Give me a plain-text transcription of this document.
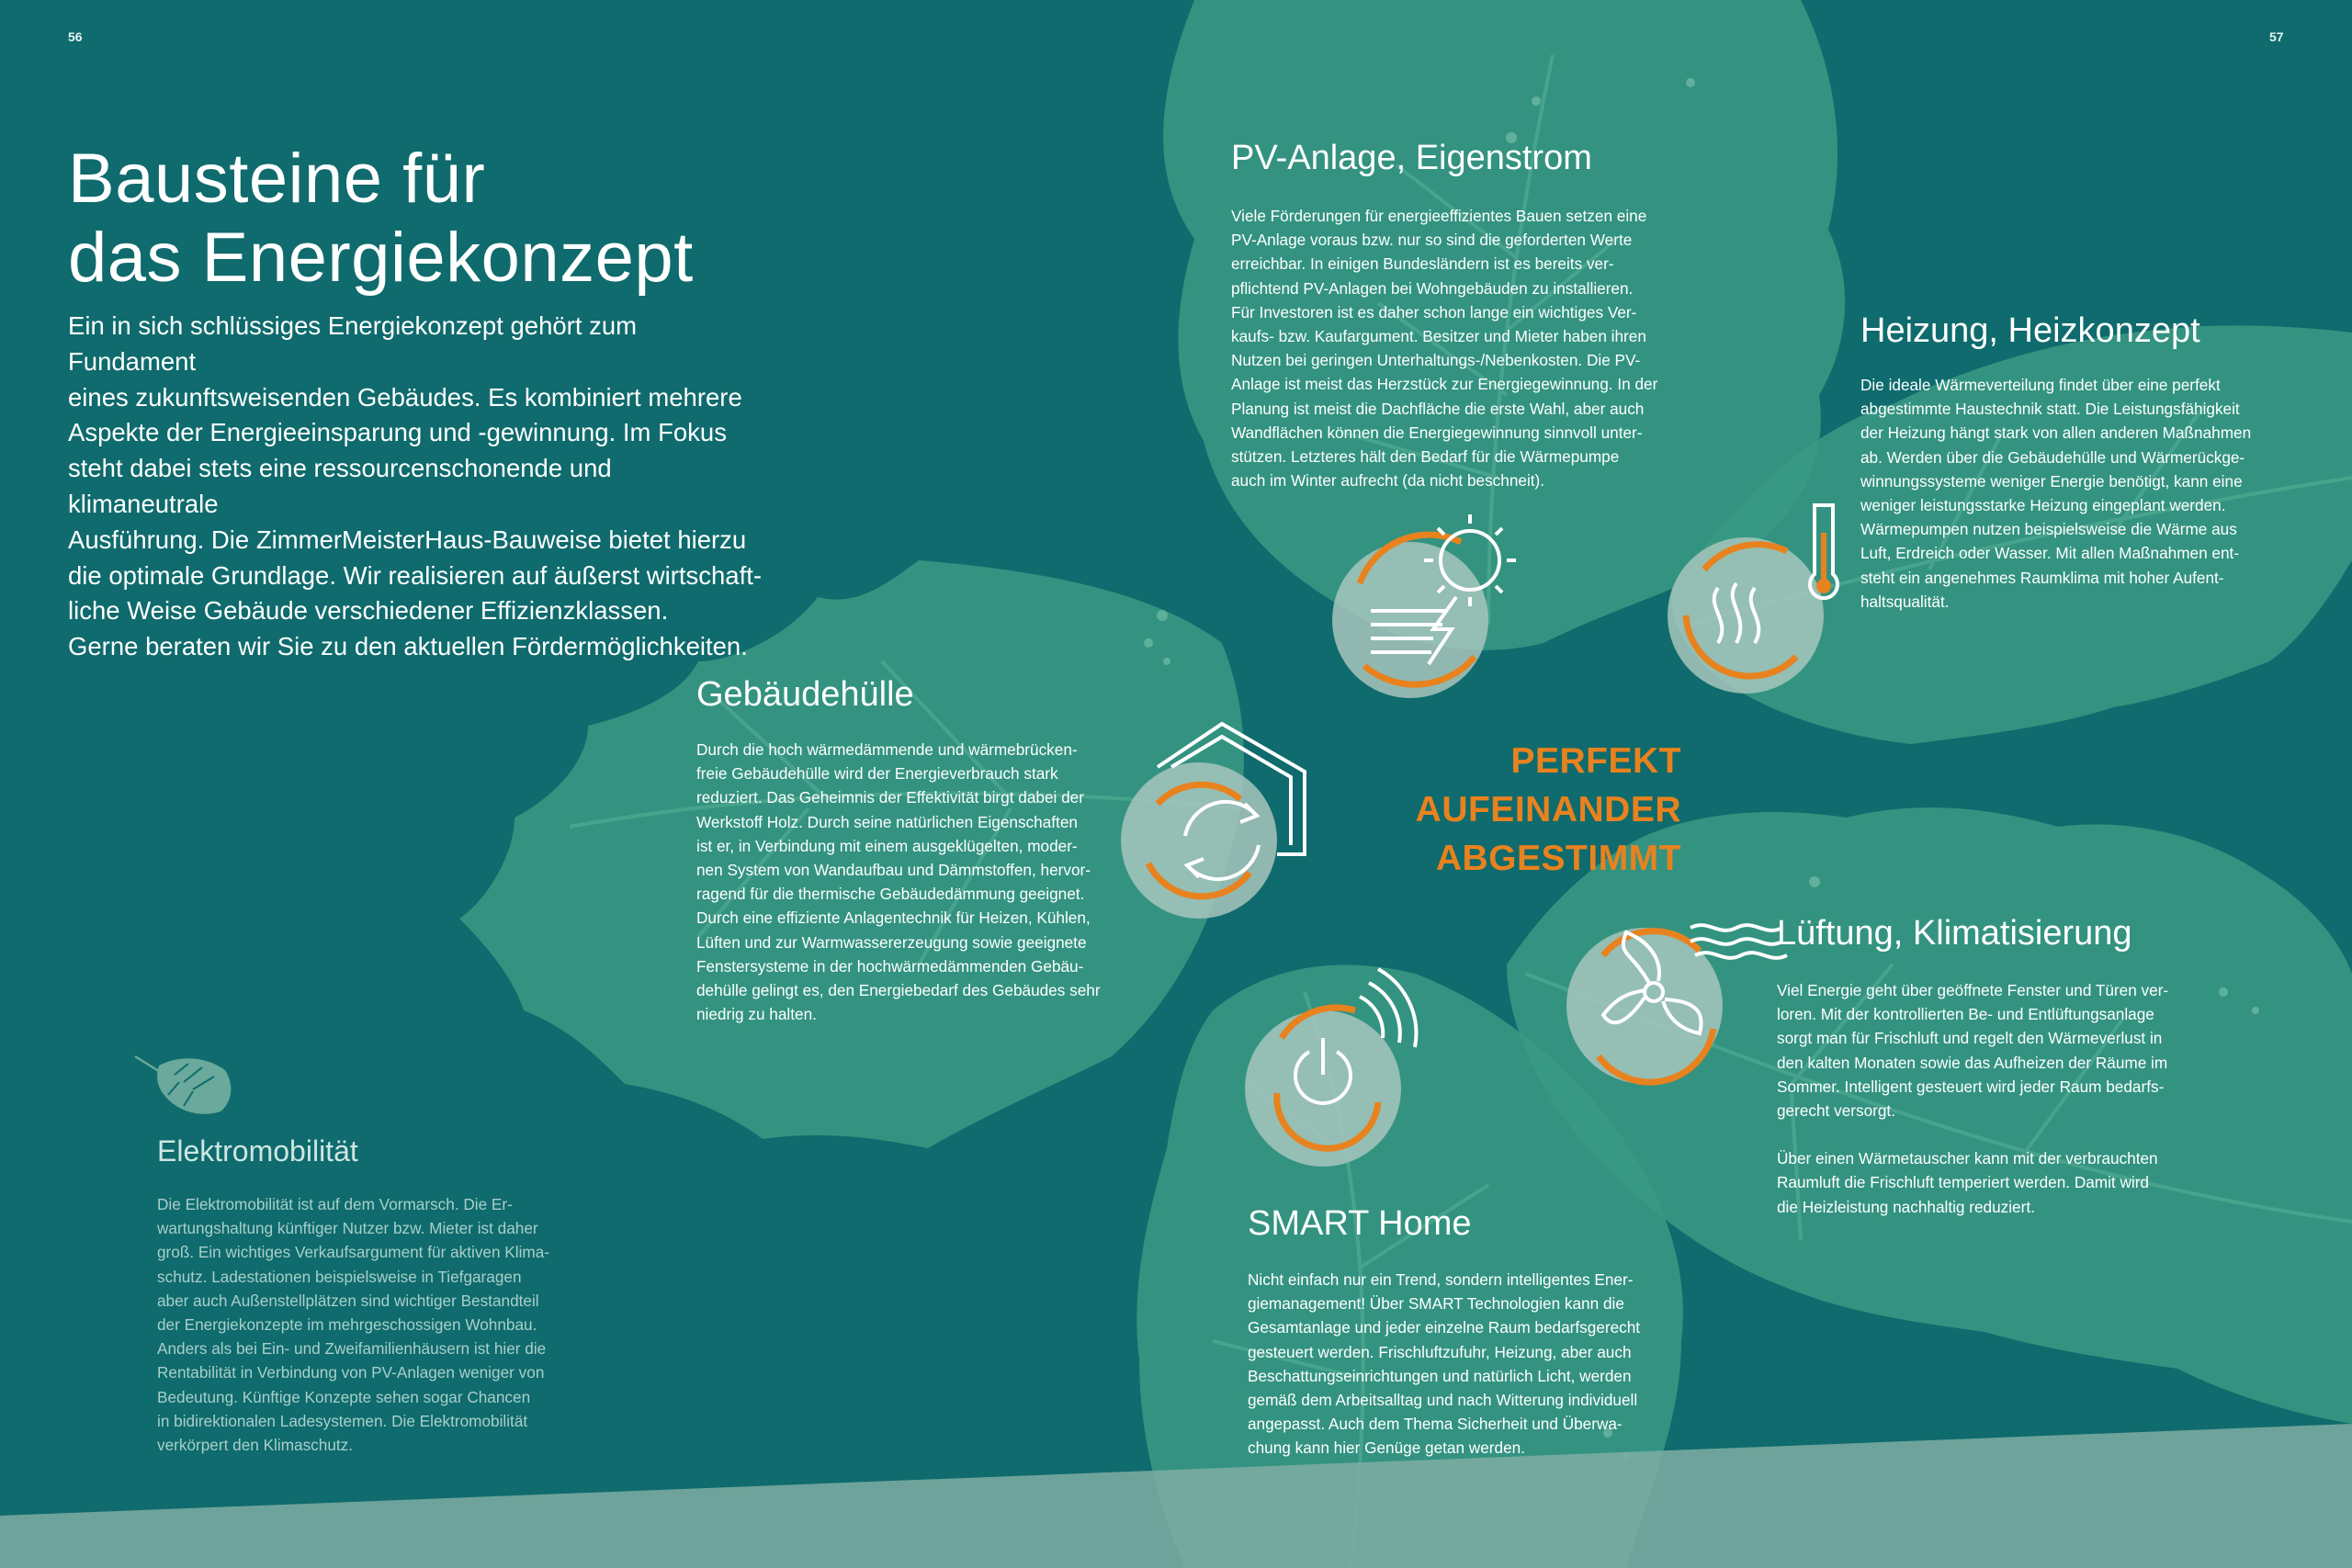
56	57
Bausteine für
das Energiekonzept
Ein in sich schlüssiges Energiekonzept gehört zum Fundament
eines zukunftsweisenden Gebäudes. Es kombiniert mehrere
Aspekte der Energieeinsparung und -gewinnung. Im Fokus
steht dabei stets eine ressourcenschonende und klimaneutrale
Ausführung. Die ZimmerMeisterHaus-Bauweise bietet hierzu
die optimale Grundlage. Wir realisieren auf äußerst wirtschaft-
liche Weise Gebäude verschiedener Effizienzklassen.
Gerne beraten wir Sie zu den aktuellen Fördermöglichkeiten.
PV-Anlage, Eigenstrom
Viele Förderungen für energieeffizientes Bauen setzen eine
PV-Anlage voraus bzw. nur so sind die geforderten Werte
erreichbar. In einigen Bundesländern ist es bereits ver-
pflichtend PV-Anlagen bei Wohngebäuden zu installieren.
Für Investoren ist es daher schon lange ein wichtiges Ver-
kaufs- bzw. Kaufargument. Besitzer und Mieter haben ihren
Nutzen bei geringen Unterhaltungs-/Nebenkosten. Die PV-
Anlage ist meist das Herzstück zur Energiegewinnung. In der
Planung ist meist die Dachfläche die erste Wahl, aber auch
Wandflächen können die Energiegewinnung sinnvoll unter-
stützen. Letzteres hält den Bedarf für die Wärmepumpe
auch im Winter aufrecht (da nicht beschneit).
Heizung, Heizkonzept
Die ideale Wärmeverteilung findet über eine perfekt
abgestimmte Haustechnik statt. Die Leistungsfähigkeit
der Heizung hängt stark von allen anderen Maßnahmen
ab. Werden über die Gebäudehülle und Wärmerückge-
winnungssysteme weniger Energie benötigt, kann eine
weniger leistungsstarke Heizung eingeplant werden.
Wärmepumpen nutzen beispielsweise die Wärme aus
Luft, Erdreich oder Wasser. Mit allen Maßnahmen ent-
steht ein angenehmes Raumklima mit hoher Aufent-
haltsqualität.
Gebäudehülle
Durch die hoch wärmedämmende und wärmebrücken-
freie Gebäudehülle wird der Energieverbrauch stark
reduziert. Das Geheimnis der Effektivität birgt dabei der
Werkstoff Holz. Durch seine natürlichen Eigenschaften
ist er, in Verbindung mit einem ausgeklügelten, moder-
nen System von Wandaufbau und Dämmstoffen, hervor-
ragend für die thermische Gebäudedämmung geeignet.
Durch eine effiziente Anlagentechnik für Heizen, Kühlen,
Lüften und zur Warmwassererzeugung sowie geeignete
Fenstersysteme in der hochwärmedämmenden Gebäu-
dehülle gelingt es, den Energiebedarf des Gebäudes sehr
niedrig zu halten.
Lüftung, Klimatisierung
Viel Energie geht über geöffnete Fenster und Türen ver-
loren. Mit der kontrollierten Be- und Entlüftungsanlage
sorgt man für Frischluft und regelt den Wärmeverlust in
den kalten Monaten sowie das Aufheizen der Räume im
Sommer. Intelligent gesteuert wird jeder Raum bedarfs-
gerecht versorgt.
Über einen Wärmetauscher kann mit der verbrauchten
Raumluft die Frischluft temperiert werden. Damit wird
die Heizleistung nachhaltig reduziert.
SMART Home
Nicht einfach nur ein Trend, sondern intelligentes Ener-
giemanagement! Über SMART Technologien kann die
Gesamtanlage und jeder einzelne Raum bedarfsgerecht
gesteuert werden. Frischluftzufuhr, Heizung, aber auch
Beschattungseinrichtungen und natürlich Licht, werden
gemäß dem Arbeitsalltag und nach Witterung individuell
angepasst. Auch dem Thema Sicherheit und Überwa-
chung kann hier Genüge getan werden.
PERFEKT
AUFEINANDER
ABGESTIMMT
Elektromobilität
Die Elektromobilität ist auf dem Vormarsch. Die Er-
wartungshaltung künftiger Nutzer bzw. Mieter ist daher
groß. Ein wichtiges Verkaufsargument für aktiven Klima-
schutz. Ladestationen beispielsweise in Tiefgaragen
aber auch Außenstellplätzen sind wichtiger Bestandteil
der Energiekonzepte im mehrgeschossigen Wohnbau.
Anders als bei Ein- und Zweifamilienhäusern ist hier die
Rentabilität in Verbindung von PV-Anlagen weniger von
Bedeutung. Künftige Konzepte sehen sogar Chancen
in bidirektionalen Ladesystemen. Die Elektromobilität
verkörpert den Klimaschutz.
